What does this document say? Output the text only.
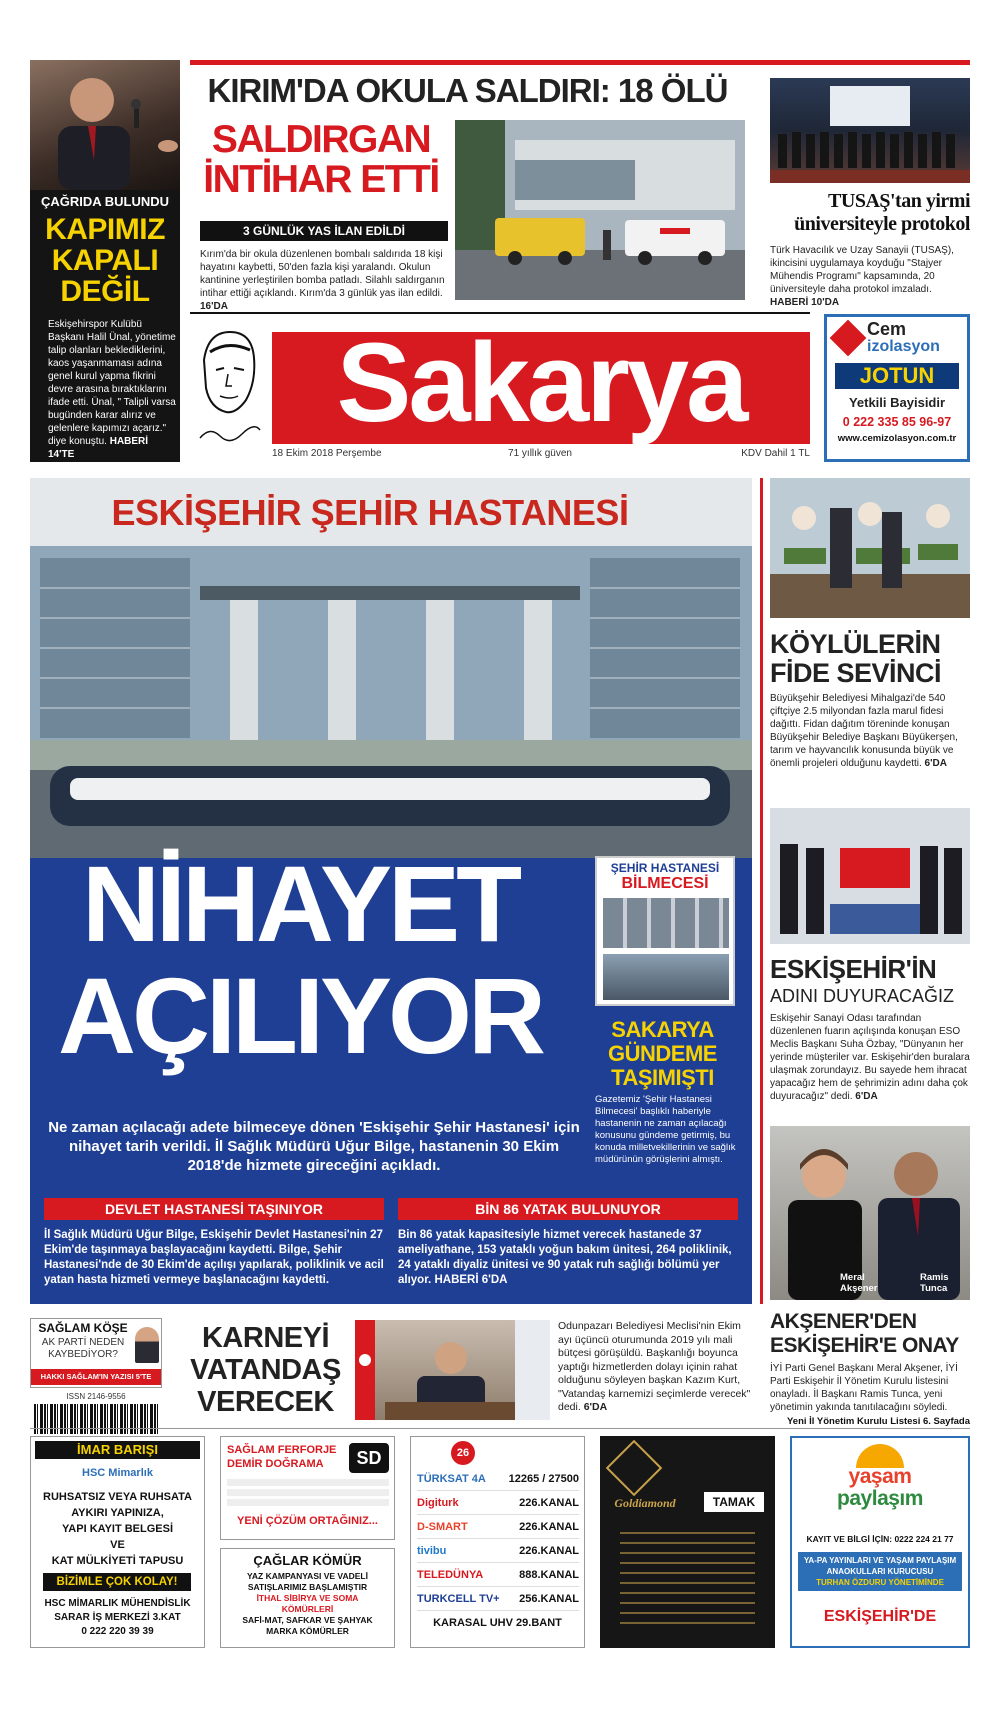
ÇAĞRIDA BULUNDU
KAPIMIZ
KAPALI
DEĞİL
Eskişehirspor Kulübü Başkanı Halil Ünal, yönetime talip olanları beklediklerini, kaos yaşanmaması adına genel kurul yapma fikrini devre arasına bıraktıklarını ifade etti. Ünal, " Talipli varsa bugünden karar alırız ve gelenlere kapımızı açarız." diye konuştu. HABERİ 14'TE
KIRIM'DA OKULA SALDIRI: 18 ÖLÜ
SALDIRGAN
İNTİHAR ETTİ
3 GÜNLÜK YAS İLAN EDİLDİ
Kırım'da bir okula düzenlenen bombalı saldırıda 18 kişi hayatını kaybetti, 50'den fazla kişi yaralandı. Okulun kantinine yerleştirilen bomba patladı. Silahlı saldırganın intihar ettiği açıklandı. Kırım'da 3 günlük yas ilan edildi. 16'DA
TUSAŞ'tan yirmi
üniversiteyle protokol
Türk Havacılık ve Uzay Sanayii (TUSAŞ), ikincisini uygulamaya koyduğu "Stajyer Mühendis Programı" kapsamında, 20 üniversiteyle daha protokol imzaladı. HABERİ 10'DA
Sakarya
18 Ekim 2018 Perşembe	71 yıllık güven	KDV Dahil 1 TL
Cem
izolasyon
JOTUN
Yetkili Bayisidir
0 222 335 85 96-97
www.cemizolasyon.com.tr
ESKİŞEHİR ŞEHİR HASTANESİ
NİHAYET
AÇILIYOR
ŞEHİR HASTANESİ
BİLMECESİ
SAKARYA
GÜNDEME
TAŞIMIŞTI
Gazetemiz 'Şehir Hastanesi Bilmecesi' başlıklı haberiyle hastanenin ne zaman açılacağı konusunu gündeme getirmiş, bu konuda milletvekillerinin ve sağlık müdürünün görüşlerini almıştı.
Ne zaman açılacağı adete bilmeceye dönen 'Eskişehir Şehir Hastanesi' için nihayet tarih verildi. İl Sağlık Müdürü Uğur Bilge, hastanenin 30 Ekim 2018'de hizmete gireceğini açıkladı.
DEVLET HASTANESİ TAŞINIYOR	BİN 86 YATAK BULUNUYOR
İl Sağlık Müdürü Uğur Bilge, Eskişehir Devlet Hastanesi'nin 27 Ekim'de taşınmaya başlayacağını kaydetti. Bilge, Şehir Hastanesi'nde de 30 Ekim'de açılışı yapılarak, poliklinik ve acil yatan hasta hizmeti vermeye başlanacağını kaydetti.
Bin 86 yatak kapasitesiyle hizmet verecek hastanede 37 ameliyathane, 153 yataklı yoğun bakım ünitesi, 264 poliklinik, 24 yataklı diyaliz ünitesi ve 90 yatak ruh sağlığı bölümü yer alıyor. HABERİ 6'DA
KÖYLÜLERİN
FİDE SEVİNCİ
Büyükşehir Belediyesi Mihalgazi'de 540 çiftçiye 2.5 milyondan fazla marul fidesi dağıttı. Fidan dağıtım töreninde konuşan Büyükşehir Belediye Başkanı Büyükerşen, tarım ve hayvancılık konusunda büyük ve önemli projeleri olduğunu kaydetti. 6'DA
ESKİŞEHİR'İN
ADINI DUYURACAĞIZ
Eskişehir Sanayi Odası tarafından düzenlenen fuarın açılışında konuşan ESO Meclis Başkanı Suha Özbay, "Dünyanın her yerinde müşteriler var. Eskişehir'den buralara ulaşmak zorundayız. Bu sayede hem ihracat yapacağız hem de şehrimizin adını daha çok duyuracağız" dedi. 6'DA
Meral
Akşener
Ramis
Tunca
AKŞENER'DEN
ESKİŞEHİR'E ONAY
İYİ Parti Genel Başkanı Meral Akşener, İYİ Parti Eskişehir İl Yönetim Kurulu listesini onayladı. İl Başkanı Ramis Tunca, yeni yönetimin yakında tanıtılacağını söyledi.
Yeni İl Yönetim Kurulu Listesi 6. Sayfada
SAĞLAM KÖŞE
AK PARTİ NEDEN
KAYBEDİYOR?
HAKKI SAĞLAM'IN YAZISI 5'TE
ISSN 2146-9556
KARNEYİ
VATANDAŞ
VERECEK
Odunpazarı Belediyesi Meclisi'nin Ekim ayı üçüncü oturumunda 2019 yılı mali bütçesi görüşüldü. Başkanlığı boyunca yaptığı hizmetlerden dolayı içinin rahat olduğunu söyleyen başkan Kazım Kurt, "Vatandaş karnemizi seçimlerde verecek" dedi. 6'DA
İMAR BARIŞI
HSC Mimarlık
RUHSATSIZ VEYA RUHSATA
AYKIRI YAPINIZA,
YAPI KAYIT BELGESİ
VE
KAT MÜLKİYETİ TAPUSU
BİZİMLE ÇOK KOLAY!
HSC MİMARLIK MÜHENDİSLİK
SARAR İŞ MERKEZİ 3.KAT
0 222 220 39 39
SAĞLAM FERFORJE
DEMİR DOĞRAMA	SD
YENİ ÇÖZÜM ORTAĞINIZ...
ÇAĞLAR KÖMÜR
YAZ KAMPANYASI VE VADELİ
SATIŞLARIMIZ BAŞLAMIŞTIR
İTHAL SİBİRYA VE SOMA
KÖMÜRLERİ
SAFİ-MAT, SAFKAR VE ŞAHYAK
MARKA KÖMÜRLER
26
TÜRKSAT 4A 12265 / 27500
Digiturk	226.KANAL
D-SMART	226.KANAL
tivibu	226.KANAL
TELEDÜNYA	888.KANAL
TURKCELL TV+ 256.KANAL
KARASAL UHV 29.BANT
Goldiamond	TAMAK
yaşam
paylaşım
KAYIT VE BİLGİ İÇİN: 0222 224 21 77
YA-PA YAYINLARI VE YAŞAM PAYLAŞIM
ANAOKULLARI KURUCUSU
TURHAN ÖZDURU YÖNETİMİNDE
ESKİŞEHİR'DE
